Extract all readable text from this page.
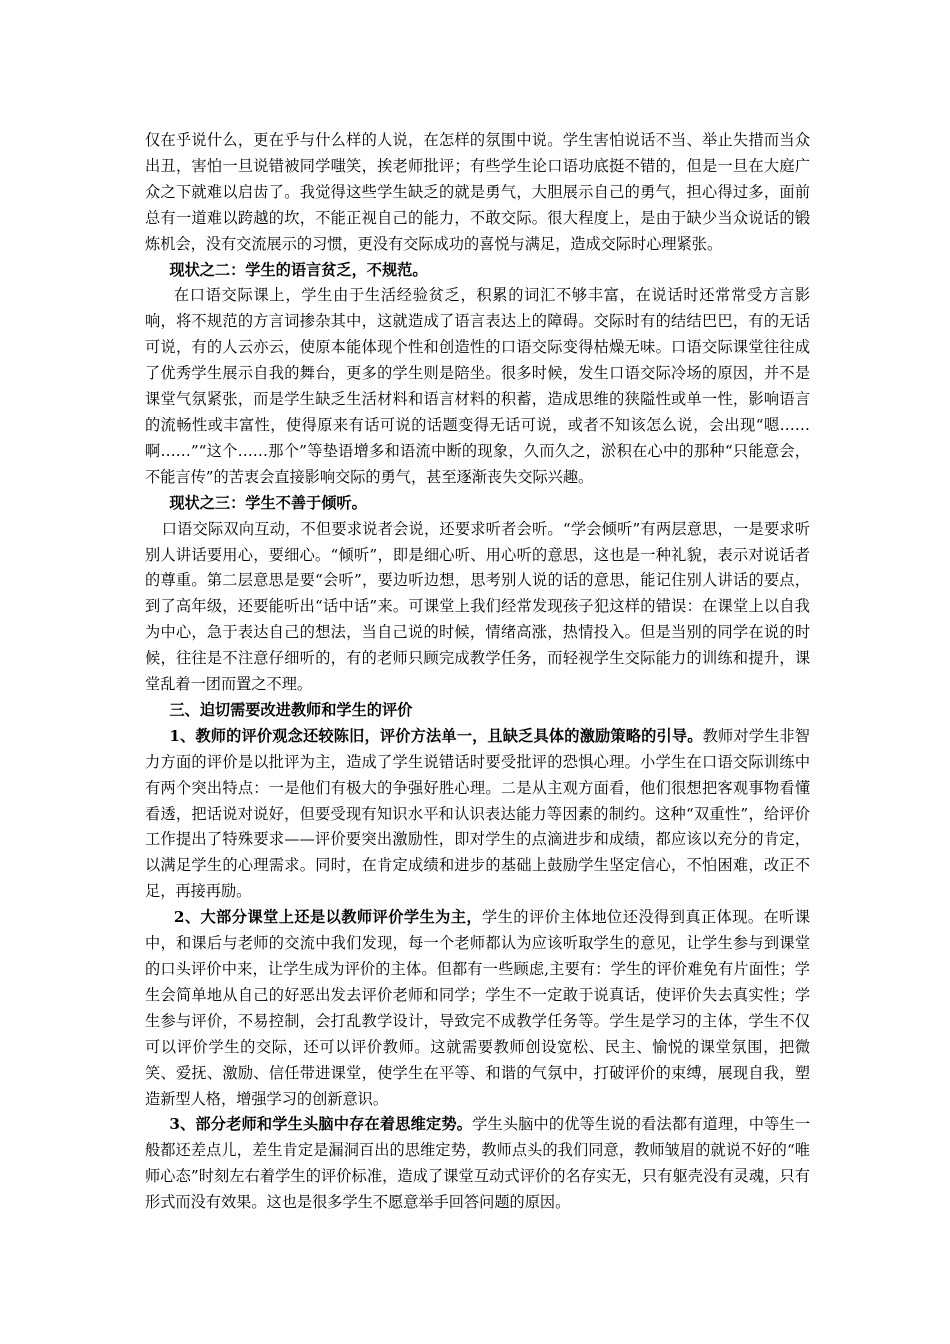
仅在乎说什么，更在乎与什么样的人说，在怎样的氛围中说。学生害怕说话不当、举止失措而当众出丑，害怕一旦说错被同学嗤笑，挨老师批评；有些学生论口语功底挺不错的，但是一旦在大庭广众之下就难以启齿了。我觉得这些学生缺乏的就是勇气，大胆展示自己的勇气，担心得过多，面前总有一道难以跨越的坎，不能正视自己的能力，不敢交际。很大程度上，是由于缺少当众说话的锻炼机会，没有交流展示的习惯，更没有交际成功的喜悦与满足，造成交际时心理紧张。

现状之二：学生的语言贫乏，不规范。

在口语交际课上，学生由于生活经验贫乏，积累的词汇不够丰富，在说话时还常常受方言影响，将不规范的方言词掺杂其中，这就造成了语言表达上的障碍。交际时有的结结巴巴，有的无话可说，有的人云亦云，使原本能体现个性和创造性的口语交际变得枯燥无味。口语交际课堂往往成了优秀学生展示自我的舞台，更多的学生则是陪坐。很多时候，发生口语交际冷场的原因，并不是课堂气氛紧张，而是学生缺乏生活材料和语言材料的积蓄，造成思维的狭隘性或单一性，影响语言的流畅性或丰富性，使得原来有话可说的话题变得无话可说，或者不知该怎么说，会出现“嗯……啊……”“这个……那个”等垫语增多和语流中断的现象，久而久之，淤积在心中的那种“只能意会，不能言传”的苦衷会直接影响交际的勇气，甚至逐渐丧失交际兴趣。

现状之三：学生不善于倾听。

口语交际双向互动，不但要求说者会说，还要求听者会听。“学会倾听”有两层意思，一是要求听别人讲话要用心，要细心。“倾听”，即是细心听、用心听的意思，这也是一种礼貌，表示对说话者的尊重。第二层意思是要“会听”，要边听边想，思考别人说的话的意思，能记住别人讲话的要点，到了高年级，还要能听出“话中话”来。可课堂上我们经常发现孩子犯这样的错误：在课堂上以自我为中心，急于表达自己的想法，当自己说的时候，情绪高涨，热情投入。但是当别的同学在说的时候，往往是不注意仔细听的，有的老师只顾完成教学任务，而轻视学生交际能力的训练和提升，课堂乱着一团而置之不理。

三、迫切需要改进教师和学生的评价

1、教师的评价观念还较陈旧，评价方法单一，且缺乏具体的激励策略的引导。教师对学生非智力方面的评价是以批评为主，造成了学生说错话时要受批评的恐惧心理。小学生在口语交际训练中有两个突出特点：一是他们有极大的争强好胜心理。二是从主观方面看，他们很想把客观事物看懂看透，把话说对说好，但要受现有知识水平和认识表达能力等因素的制约。这种“双重性”，给评价工作提出了特殊要求——评价要突出激励性，即对学生的点滴进步和成绩，都应该以充分的肯定，以满足学生的心理需求。同时，在肯定成绩和进步的基础上鼓励学生坚定信心，不怕困难，改正不足，再接再励。

2、大部分课堂上还是以教师评价学生为主，学生的评价主体地位还没得到真正体现。在听课中，和课后与老师的交流中我们发现，每一个老师都认为应该听取学生的意见，让学生参与到课堂的口头评价中来，让学生成为评价的主体。但都有一些顾虑,主要有：学生的评价难免有片面性；学生会简单地从自己的好恶出发去评价老师和同学；学生不一定敢于说真话，使评价失去真实性；学生参与评价，不易控制，会打乱教学设计，导致完不成教学任务等。学生是学习的主体，学生不仅可以评价学生的交际，还可以评价教师。这就需要教师创设宽松、民主、愉悦的课堂氛围，把微笑、爱抚、激励、信任带进课堂，使学生在平等、和谐的气氛中，打破评价的束缚，展现自我，塑造新型人格，增强学习的创新意识。

3、部分老师和学生头脑中存在着思维定势。学生头脑中的优等生说的看法都有道理，中等生一般都还差点儿，差生肯定是漏洞百出的思维定势，教师点头的我们同意，教师皱眉的就说不好的“唯师心态”时刻左右着学生的评价标准，造成了课堂互动式评价的名存实无，只有躯壳没有灵魂，只有形式而没有效果。这也是很多学生不愿意举手回答问题的原因。
